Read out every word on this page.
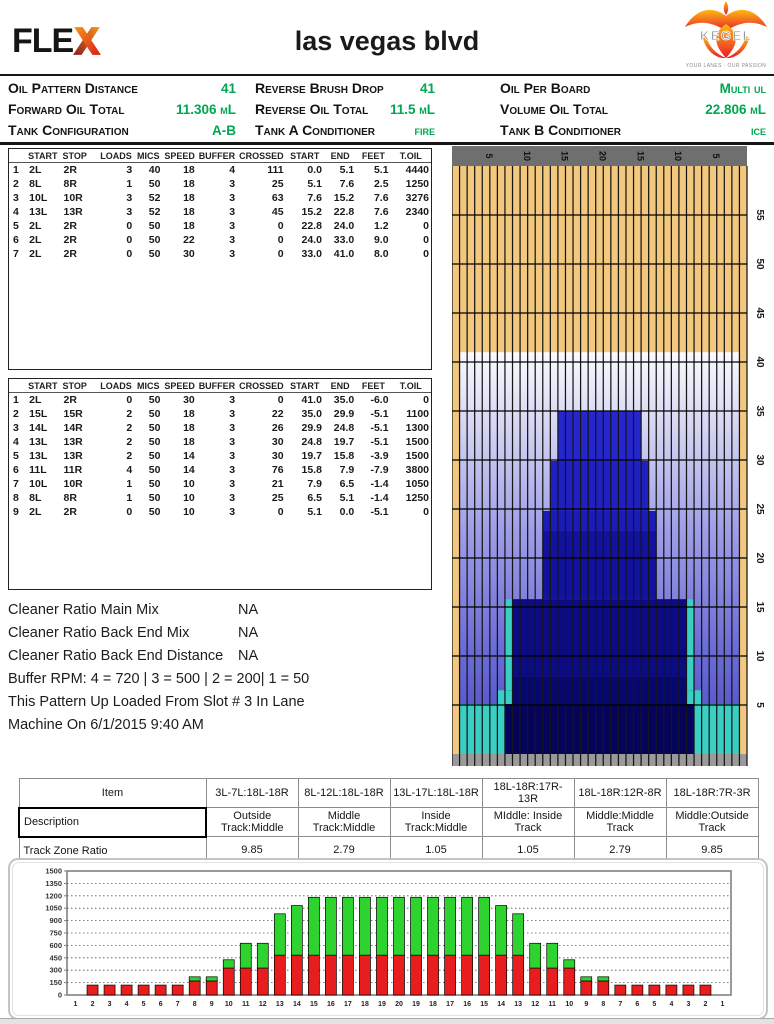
FLE	las vegas blvd	KEGEL
YOUR LANES · OUR PASSION
Oil Pattern Distance	41 Reverse Brush Drop	41	Oil Per Board	Multi ul
Forward Oil Total	11.306 mL Reverse Oil Total 11.5 mL	Volume Oil Total	22.806 mL
Tank Configuration	A-B Tank A Conditioner	fire	Tank B Conditioner	ice
	START	STOP	LOADS	MICS	SPEED	BUFFER	CROSSED	START	END	FEET	T.OIL
1	2L	2R	3	40	18	4	111	0.0	5.1	5.1	4440
2	8L	8R	1	50	18	3	25	5.1	7.6	2.5	1250
3	10L	10R	3	52	18	3	63	7.6	15.2	7.6	3276
4	13L	13R	3	52	18	3	45	15.2	22.8	7.6	2340
5	2L	2R	0	50	18	3	0	22.8	24.0	1.2	0
6	2L	2R	0	50	22	3	0	24.0	33.0	9.0	0
7	2L	2R	0	50	30	3	0	33.0	41.0	8.0	0
	START	STOP	LOADS	MICS	SPEED	BUFFER	CROSSED	START	END	FEET	T.OIL
1	2L	2R	0	50	30	3	0	41.0	35.0	-6.0	0
2	15L	15R	2	50	18	3	22	35.0	29.9	-5.1	1100
3	14L	14R	2	50	18	3	26	29.9	24.8	-5.1	1300
4	13L	13R	2	50	18	3	30	24.8	19.7	-5.1	1500
5	13L	13R	2	50	14	3	30	19.7	15.8	-3.9	1500
6	11L	11R	4	50	14	3	76	15.8	7.9	-7.9	3800
7	10L	10R	1	50	10	3	21	7.9	6.5	-1.4	1050
8	8L	8R	1	50	10	3	25	6.5	5.1	-1.4	1250
9	2L	2R	0	50	10	3	0	5.1	0.0	-5.1	0
Cleaner Ratio Main Mix	NA
Cleaner Ratio Back End Mix	NA
Cleaner Ratio Back End Distance	NA
Buffer RPM: 4 = 720 | 3 = 500 | 2 = 200| 1 = 50
This Pattern Up Loaded From Slot # 3 In Lane
Machine On 6/1/2015 9:40 AM
55
50
45
40
35
30
25
20
15
10
5
5	10	15	20	15	10	5
Item	3L-7L:18L-18R	8L-12L:18L-18R	13L-17L:18L-18R	18L-18R:17R-13R	18L-18R:12R-8R	18L-18R:7R-3R
Description	Outside Track:Middle	Middle Track:Middle	Inside Track:Middle	MIddle: Inside Track	Middle:Middle Track	Middle:Outside Track
Track Zone Ratio	9.85	2.79	1.05	1.05	2.79	9.85
0
150
300
450
600
750
900
1050
1200
1350
1500
1 2 3 4 5 6 7 8 9 10 11 12 13 14 15 16 17 18 19 20 19 18 17 16 15 14 13 12 11 10 9 8 7 6 5 4 3 2 1
